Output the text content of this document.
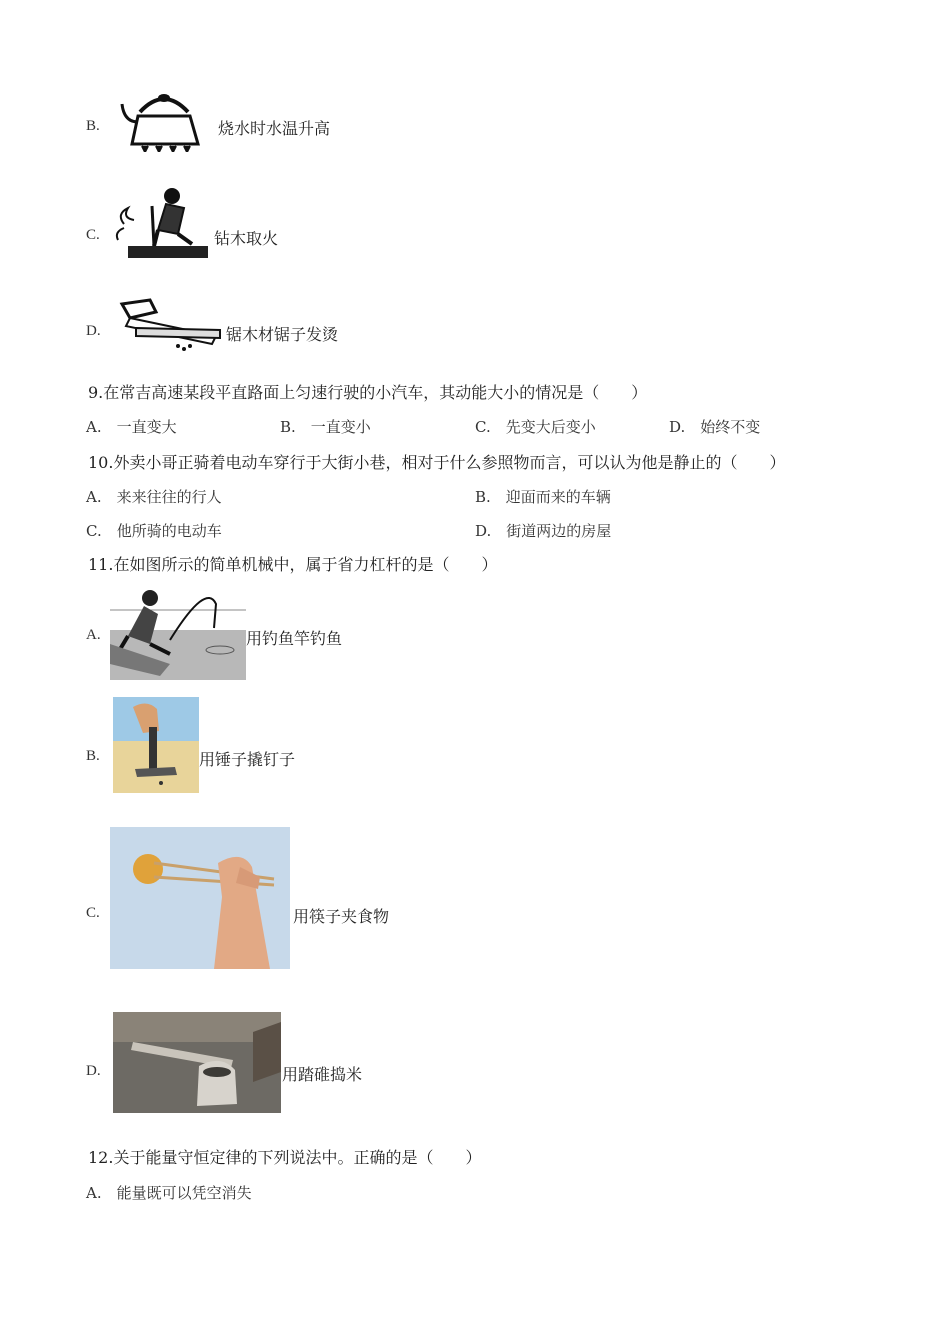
B.	烧水时水温升高
C.	钻木取火
D.	锯木材锯子发烫
9.在常吉高速某段平直路面上匀速行驶的小汽车，其动能大小的情况是（　　）
A.　一直变大	B.　一直变小	C.　先变大后变小	D.　始终不变
10.外卖小哥正骑着电动车穿行于大街小巷，相对于什么参照物而言，可以认为他是静止的（　　）
A.　来来往往的行人	B.　迎面而来的车辆
C.　他所骑的电动车	D.　街道两边的房屋
11.在如图所示的简单机械中，属于省力杠杆的是（　　）
A.	用钓鱼竿钓鱼
B.	用锤子撬钉子
C.	用筷子夹食物
D.	用踏碓捣米
12.关于能量守恒定律的下列说法中。正确的是（　　）
A.　能量既可以凭空消失
